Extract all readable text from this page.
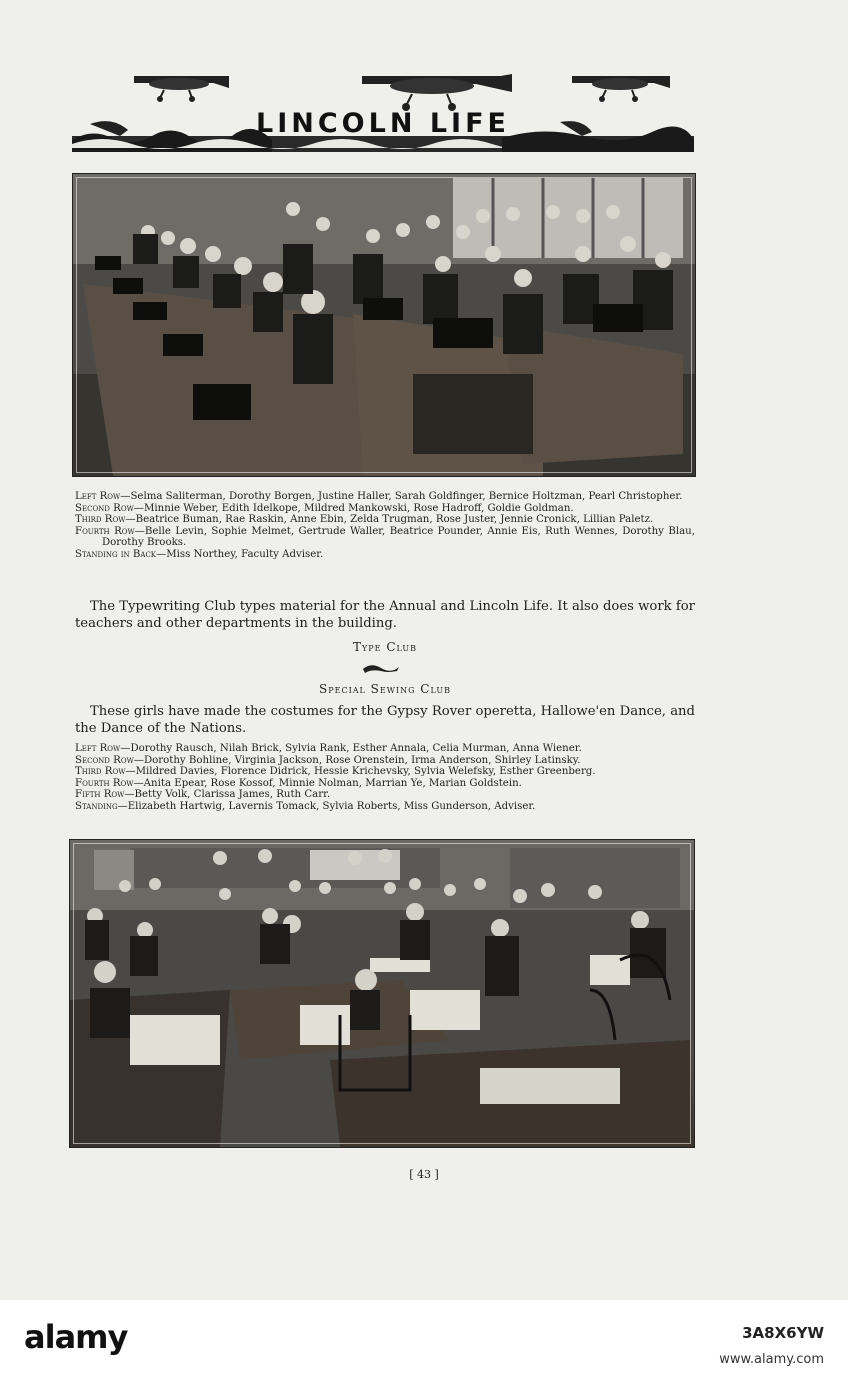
LINCOLN LIFE

Left Row—Selma Saliterman, Dorothy Borgen, Justine Haller, Sarah Goldfinger, Bernice Holtzman, Pearl Christopher.

Second Row—Minnie Weber, Edith Idelkope, Mildred Mankowski, Rose Hadroff, Goldie Goldman.

Third Row—Beatrice Buman, Rae Raskin, Anne Ebin, Zelda Trugman, Rose Juster, Jennie Cronick, Lillian Paletz.

Fourth Row—Belle Levin, Sophie Melmet, Gertrude Waller, Beatrice Pounder, Annie Eis, Ruth Wennes, Dorothy Blau, Dorothy Brooks.

Standing in Back—Miss Northey, Faculty Adviser.

The Typewriting Club types material for the Annual and Lincoln Life. It also does work for teachers and other departments in the building.

Type Club
Special Sewing Club

These girls have made the costumes for the Gypsy Rover operetta, Hallowe'en Dance, and the Dance of the Nations.

Left Row—Dorothy Rausch, Nilah Brick, Sylvia Rank, Esther Annala, Celia Murman, Anna Wiener.

Second Row—Dorothy Bohline, Virginia Jackson, Rose Orenstein, Irma Anderson, Shirley Latinsky.

Third Row—Mildred Davies, Florence Didrick, Hessie Krichevsky, Sylvia Welefsky, Esther Greenberg.

Fourth Row—Anita Epear, Rose Kossof, Minnie Nolman, Marrian Ye, Marian Goldstein.

Fifth Row—Betty Volk, Clarissa James, Ruth Carr.

Standing—Elizabeth Hartwig, Lavernis Tomack, Sylvia Roberts, Miss Gunderson, Adviser.

[ 43 ]
alamy	3A8X6YW
www.alamy.com
